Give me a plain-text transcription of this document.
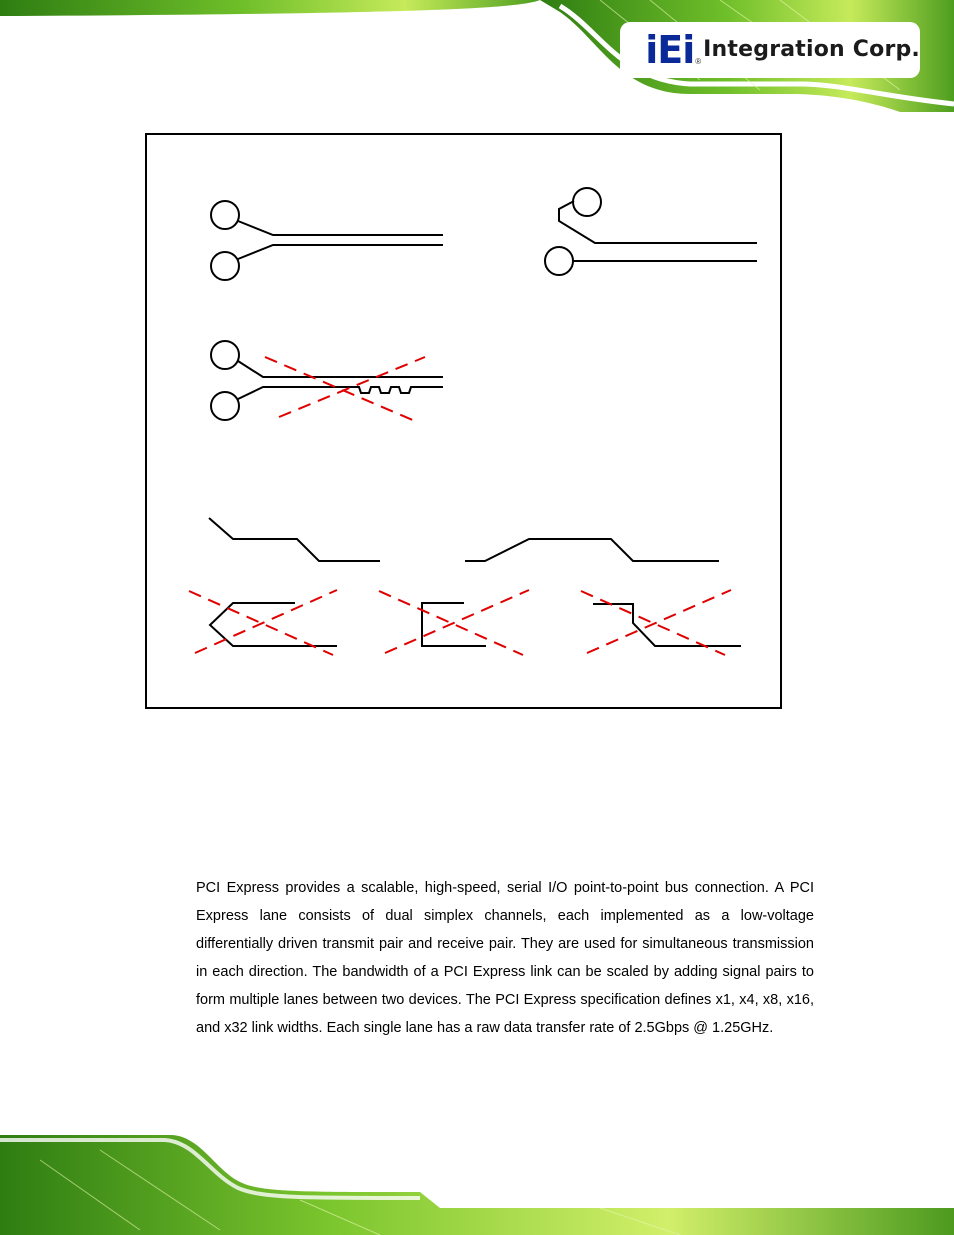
iEi ® Integration Corp.

PCI Express provides a scalable, high-speed, serial I/O point-to-point bus connection. A PCI Express lane consists of dual simplex channels, each implemented as a low-voltage differentially driven transmit pair and receive pair. They are used for simultaneous transmission in each direction. The bandwidth of a PCI Express link can be scaled by adding signal pairs to form multiple lanes between two devices. The PCI Express specification defines x1, x4, x8, x16, and x32 link widths. Each single lane has a raw data transfer rate of 2.5Gbps @ 1.25GHz.
